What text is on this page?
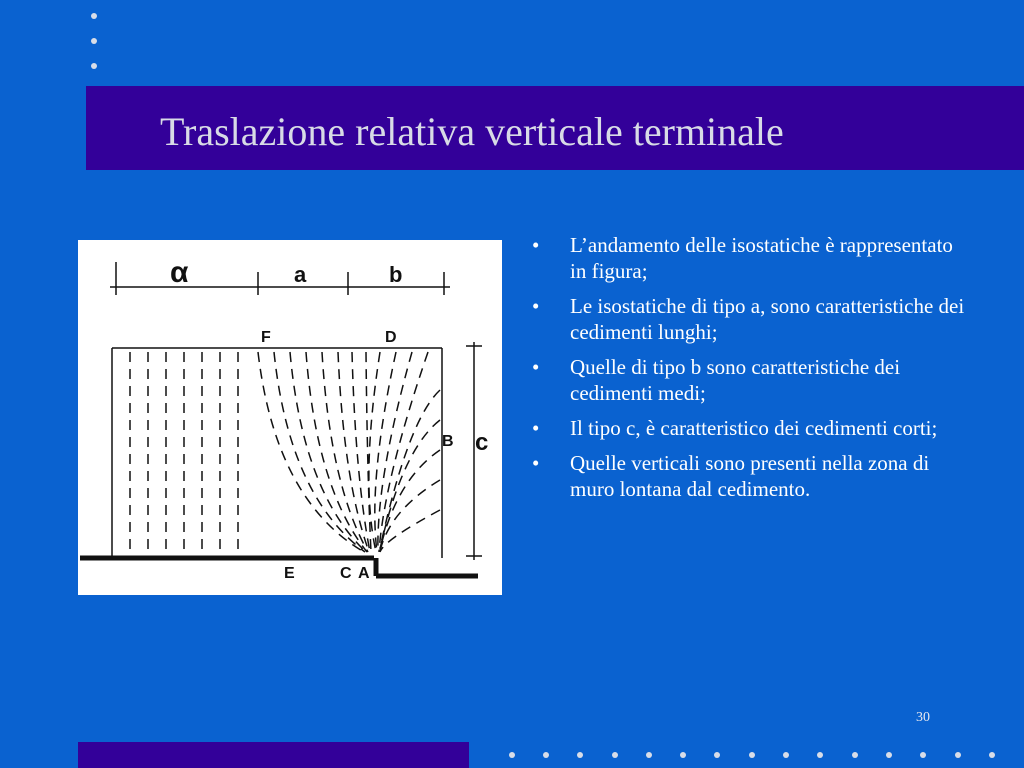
Traslazione relativa verticale terminale
α	a	b
F	D
B c
E	C A
• L’andamento delle isostatiche è rappresentato in figura;
• Le isostatiche di tipo a, sono caratteristiche dei cedimenti lunghi;
• Quelle di tipo b sono caratteristiche dei cedimenti medi;
• Il tipo c, è caratteristico dei cedimenti corti;
• Quelle verticali sono presenti nella zona di muro lontana dal cedimento.
30
